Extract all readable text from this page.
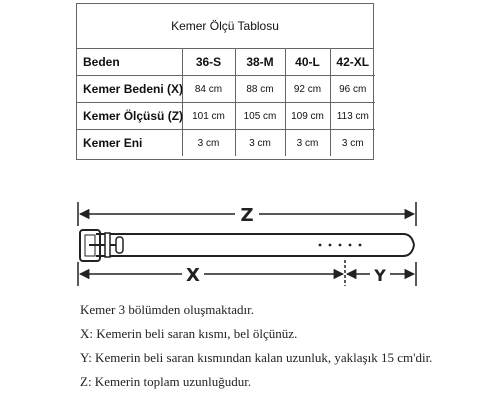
Kemer Ölçü Tablosu
Beden	36-S	38-M	40-L	42-XL
Kemer Bedeni (X)	84 cm	88 cm	92 cm	96 cm
Kemer Ölçüsü (Z)	101 cm	105 cm	109 cm	113 cm
Kemer Eni	3 cm	3 cm	3 cm	3 cm
Z
X	Y
Kemer 3 bölümden oluşmaktadır.
X: Kemerin beli saran kısmı, bel ölçünüz.
Y: Kemerin beli saran kısmından kalan uzunluk, yaklaşık 15 cm'dir.
Z: Kemerin toplam uzunluğudur.
